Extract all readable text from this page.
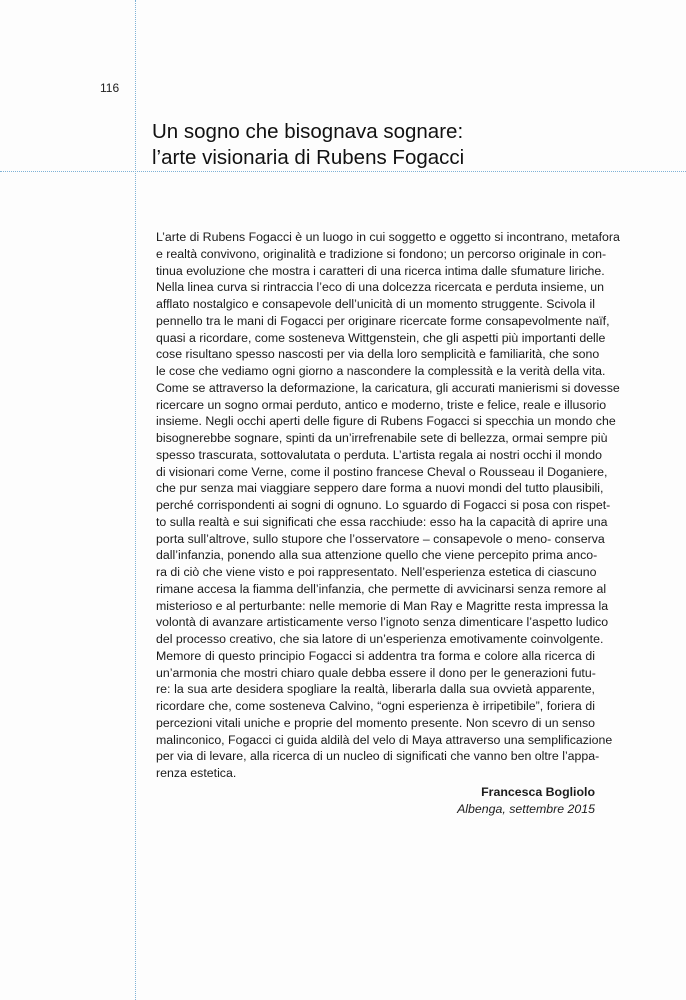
116
Un sogno che bisognava sognare:
l’arte visionaria di Rubens Fogacci
L’arte di Rubens Fogacci è un luogo in cui soggetto e oggetto si incontrano, metafora
e realtà convivono, originalità e tradizione si fondono; un percorso originale in con-
tinua evoluzione che mostra i caratteri di una ricerca intima dalle sfumature liriche.
Nella linea curva si rintraccia l’eco di una dolcezza ricercata e perduta insieme, un
afflato nostalgico e consapevole dell’unicità di un momento struggente. Scivola il
pennello tra le mani di Fogacci per originare ricercate forme consapevolmente naïf,
quasi a ricordare, come sosteneva Wittgenstein, che gli aspetti più importanti delle
cose risultano spesso nascosti per via della loro semplicità e familiarità, che sono
le cose che vediamo ogni giorno a nascondere la complessità e la verità della vita.
Come se attraverso la deformazione, la caricatura, gli accurati manierismi si dovesse
ricercare un sogno ormai perduto, antico e moderno, triste e felice, reale e illusorio
insieme. Negli occhi aperti delle figure di Rubens Fogacci si specchia un mondo che
bisognerebbe sognare, spinti da un’irrefrenabile sete di bellezza, ormai sempre più
spesso trascurata, sottovalutata o perduta. L’artista regala ai nostri occhi il mondo
di visionari come Verne, come il postino francese Cheval o Rousseau il Doganiere,
che pur senza mai viaggiare seppero dare forma a nuovi mondi del tutto plausibili,
perché corrispondenti ai sogni di ognuno. Lo sguardo di Fogacci si posa con rispet-
to sulla realtà e sui significati che essa racchiude: esso ha la capacità di aprire una
porta sull’altrove, sullo stupore che l’osservatore – consapevole o meno- conserva
dall’infanzia, ponendo alla sua attenzione quello che viene percepito prima anco-
ra di ciò che viene visto e poi rappresentato. Nell’esperienza estetica di ciascuno
rimane accesa la fiamma dell’infanzia, che permette di avvicinarsi senza remore al
misterioso e al perturbante: nelle memorie di Man Ray e Magritte resta impressa la
volontà di avanzare artisticamente verso l’ignoto senza dimenticare l’aspetto ludico
del processo creativo, che sia latore di un’esperienza emotivamente coinvolgente.
Memore di questo principio Fogacci si addentra tra forma e colore alla ricerca di
un’armonia che mostri chiaro quale debba essere il dono per le generazioni futu-
re: la sua arte desidera spogliare la realtà, liberarla dalla sua ovvietà apparente,
ricordare che, come sosteneva Calvino, “ogni esperienza è irripetibile”, foriera di
percezioni vitali uniche e proprie del momento presente. Non scevro di un senso
malinconico, Fogacci ci guida aldilà del velo di Maya attraverso una semplificazione
per via di levare, alla ricerca di un nucleo di significati che vanno ben oltre l’appa-
renza estetica.
Francesca Bogliolo
Albenga, settembre 2015
